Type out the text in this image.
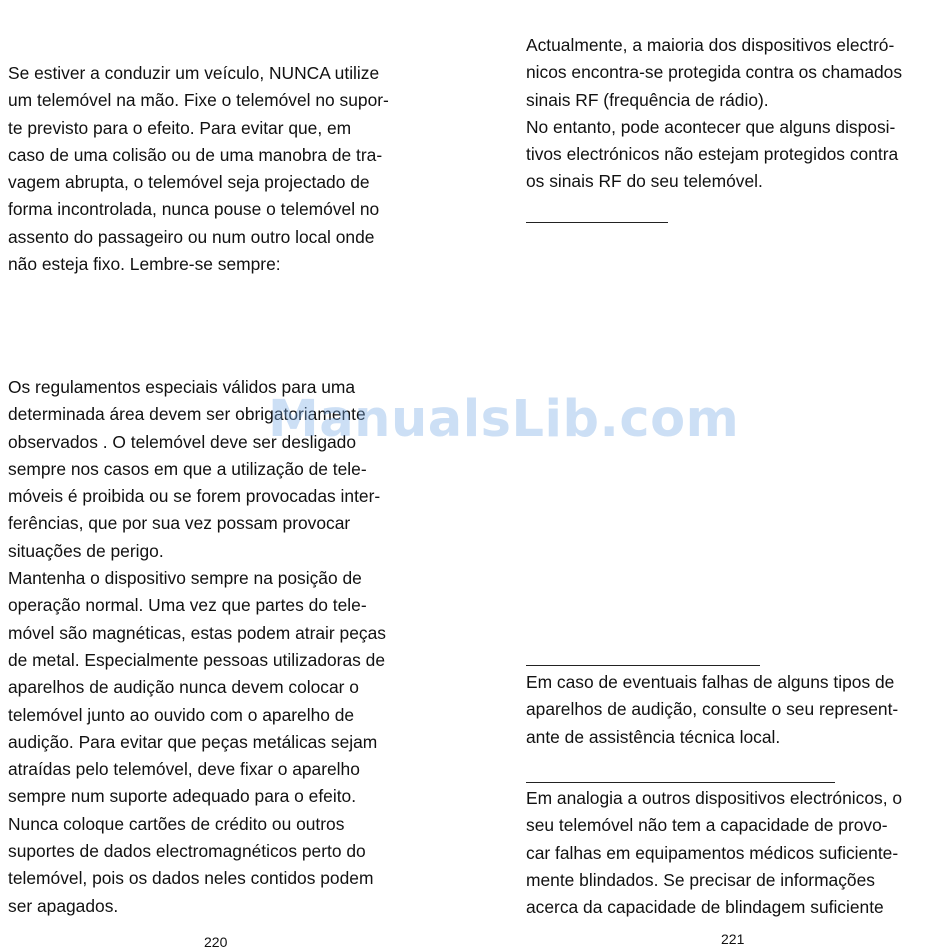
Se estiver a conduzir um veículo, NUNCA utilize
um telemóvel na mão. Fixe o telemóvel no supor-
te previsto para o efeito. Para evitar que, em
caso de uma colisão ou de uma manobra de tra-
vagem abrupta, o telemóvel seja projectado de
forma incontrolada, nunca pouse o telemóvel no
assento do passageiro ou num outro local onde
não esteja fixo. Lembre-se sempre:
Os regulamentos especiais válidos para uma
determinada área devem ser obrigatoriamente
observados . O telemóvel deve ser desligado
sempre nos casos em que a utilização de tele-
móveis é proibida ou se forem provocadas inter-
ferências, que por sua vez possam provocar
situações de perigo.
Mantenha o dispositivo sempre na posição de
operação normal. Uma vez que partes do tele-
móvel são magnéticas, estas podem atrair peças
de metal. Especialmente pessoas utilizadoras de
aparelhos de audição nunca devem colocar o
telemóvel junto ao ouvido com o aparelho de
audição. Para evitar que peças metálicas sejam
atraídas pelo telemóvel, deve fixar o aparelho
sempre num suporte adequado para o efeito.
Nunca coloque cartões de crédito ou outros
suportes de dados electromagnéticos perto do
telemóvel, pois os dados neles contidos podem
ser apagados.
220
Actualmente, a maioria dos dispositivos electró-
nicos encontra-se protegida contra os chamados
sinais RF (frequência de rádio).
No entanto, pode acontecer que alguns disposi-
tivos electrónicos não estejam protegidos contra
os sinais RF do seu telemóvel.
Em caso de eventuais falhas de alguns tipos de
aparelhos de audição, consulte o seu represent-
ante de assistência técnica local.
Em analogia a outros dispositivos electrónicos, o
seu telemóvel não tem a capacidade de provo-
car falhas em equipamentos médicos suficiente-
mente blindados. Se precisar de informações
acerca da capacidade de blindagem suficiente
221
ManualsLib.com
